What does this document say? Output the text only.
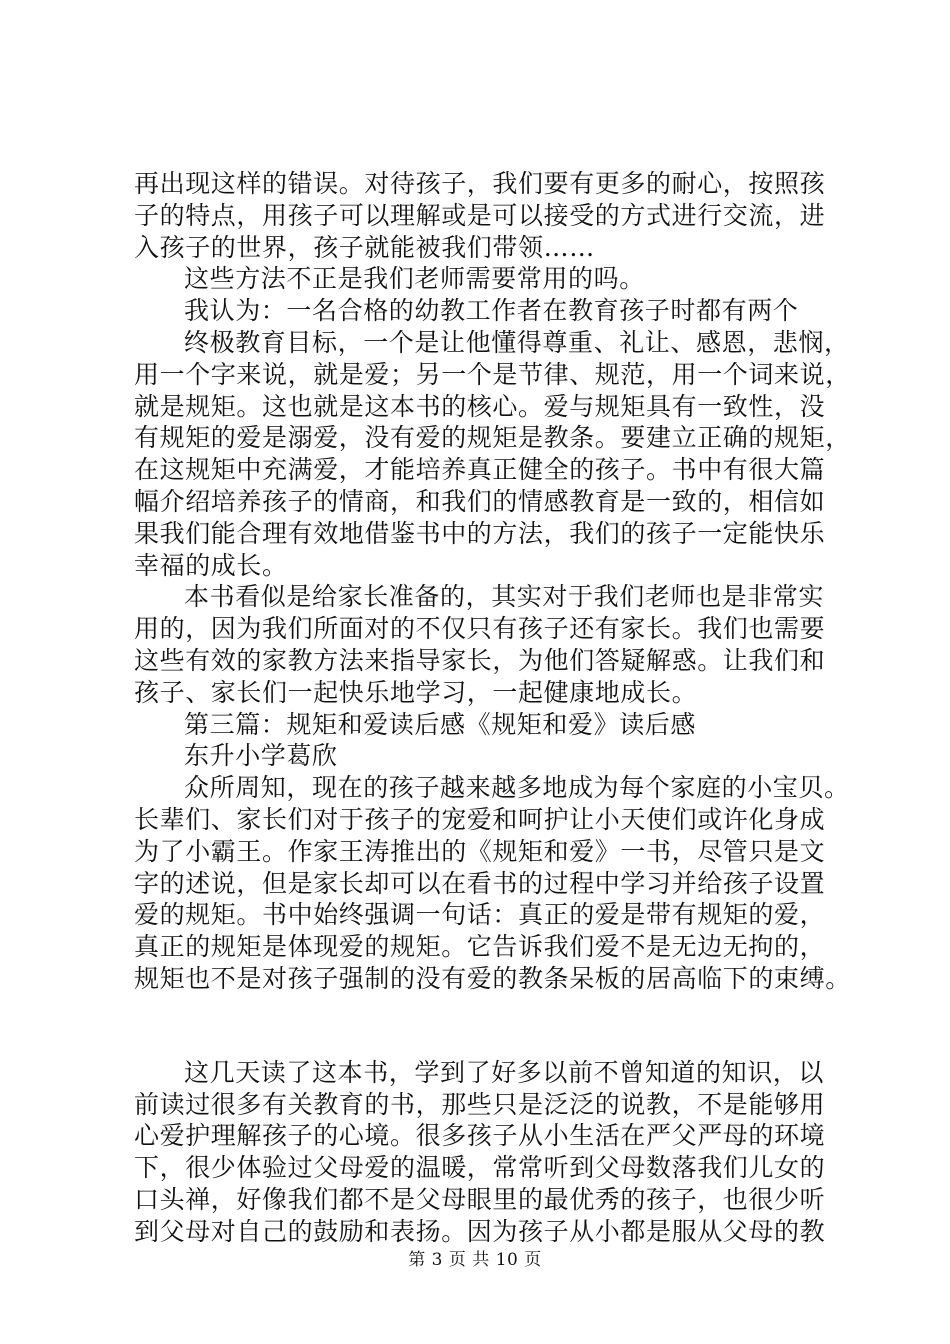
再出现这样的错误。对待孩子，我们要有更多的耐心，按照孩
子的特点，用孩子可以理解或是可以接受的方式进行交流，进
入孩子的世界，孩子就能被我们带领……
这些方法不正是我们老师需要常用的吗。
我认为：一名合格的幼教工作者在教育孩子时都有两个
终极教育目标，一个是让他懂得尊重、礼让、感恩，悲悯，
用一个字来说，就是爱；另一个是节律、规范，用一个词来说，
就是规矩。这也就是这本书的核心。爱与规矩具有一致性，没
有规矩的爱是溺爱，没有爱的规矩是教条。要建立正确的规矩，
在这规矩中充满爱，才能培养真正健全的孩子。书中有很大篇
幅介绍培养孩子的情商，和我们的情感教育是一致的，相信如
果我们能合理有效地借鉴书中的方法，我们的孩子一定能快乐
幸福的成长。
本书看似是给家长准备的，其实对于我们老师也是非常实
用的，因为我们所面对的不仅只有孩子还有家长。我们也需要
这些有效的家教方法来指导家长，为他们答疑解惑。让我们和
孩子、家长们一起快乐地学习，一起健康地成长。
第三篇：规矩和爱读后感《规矩和爱》读后感
东升小学葛欣
众所周知，现在的孩子越来越多地成为每个家庭的小宝贝。
长辈们、家长们对于孩子的宠爱和呵护让小天使们或许化身成
为了小霸王。作家王涛推出的《规矩和爱》一书，尽管只是文
字的述说，但是家长却可以在看书的过程中学习并给孩子设置
爱的规矩。书中始终强调一句话：真正的爱是带有规矩的爱，
真正的规矩是体现爱的规矩。它告诉我们爱不是无边无拘的，
规矩也不是对孩子强制的没有爱的教条呆板的居高临下的束缚。
这几天读了这本书，学到了好多以前不曾知道的知识，以
前读过很多有关教育的书，那些只是泛泛的说教，不是能够用
心爱护理解孩子的心境。很多孩子从小生活在严父严母的环境
下，很少体验过父母爱的温暖，常常听到父母数落我们儿女的
口头禅，好像我们都不是父母眼里的最优秀的孩子，也很少听
到父母对自己的鼓励和表扬。因为孩子从小都是服从父母的教
第 3 页 共 10 页
